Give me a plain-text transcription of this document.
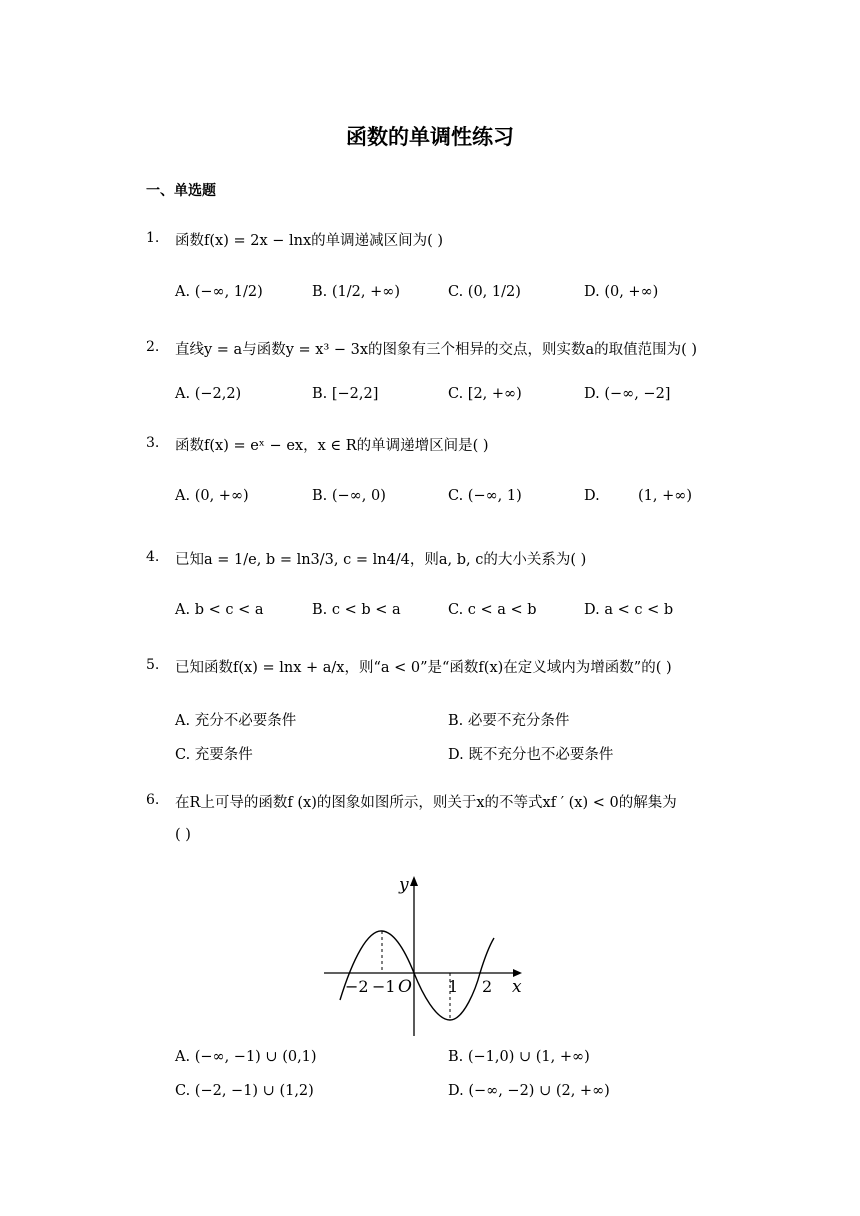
函数的单调性练习
一、单选题
1. 函数f(x) = 2x − lnx的单调递减区间为( )
A. (−∞, 1/2)	B. (1/2, +∞)	C. (0, 1/2)	D. (0, +∞)
2. 直线y = a与函数y = x³ − 3x的图象有三个相异的交点，则实数a的取值范围为( )
A. (−2,2)	B. [−2,2]	C. [2, +∞)	D. (−∞, −2]
3. 函数f(x) = eˣ − ex，x ∈ R的单调递增区间是( )
A. (0, +∞)	B. (−∞, 0)	C. (−∞, 1)	D.	(1, +∞)
4. 已知a = 1/e, b = ln3/3, c = ln4/4，则a, b, c的大小关系为( )
A. b < c < a	B. c < b < a	C. c < a < b	D. a < c < b
5. 已知函数f(x) = lnx + a/x，则“a < 0”是“函数f(x)在定义域内为增函数”的( )
A. 充分不必要条件	B. 必要不充分条件
C. 充要条件	D. 既不充分也不必要条件
6. 在R上可导的函数f (x)的图象如图所示，则关于x的不等式xf ′ (x) < 0的解集为
( )
y
x
O
−2 −1	1 2
A. (−∞, −1) ∪ (0,1)	B. (−1,0) ∪ (1, +∞)
C. (−2, −1) ∪ (1,2)	D. (−∞, −2) ∪ (2, +∞)
